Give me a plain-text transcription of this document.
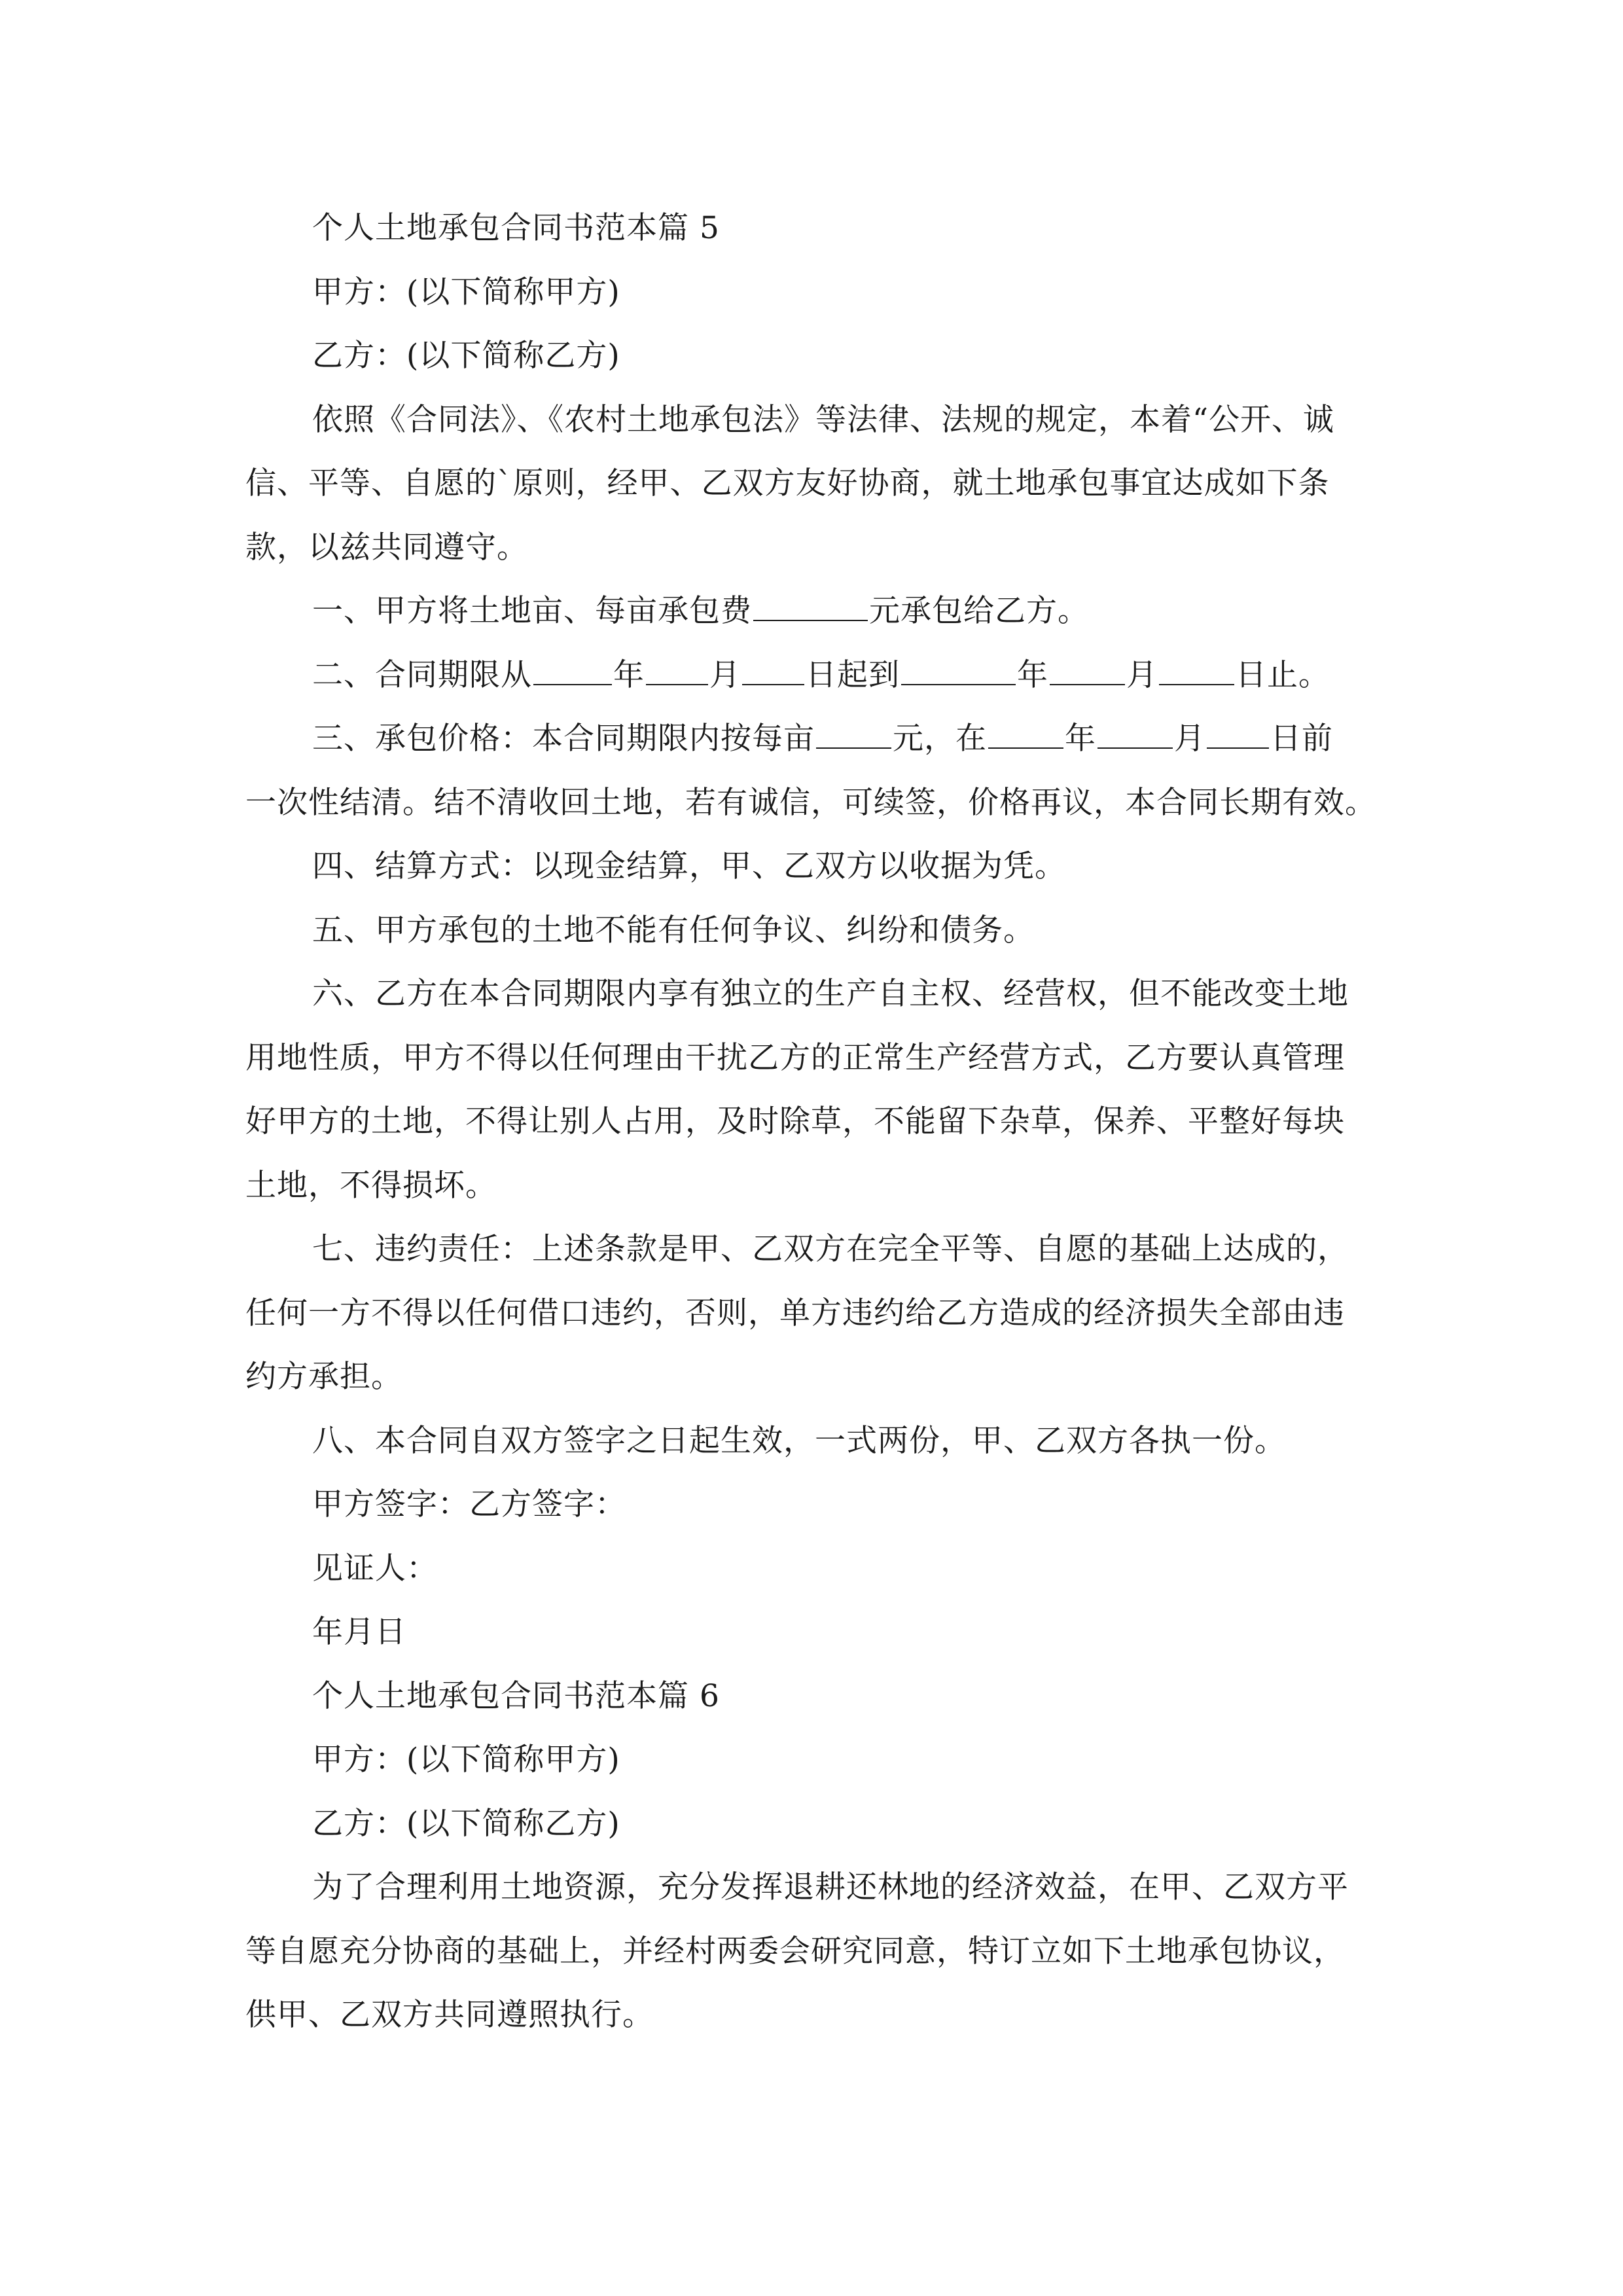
个人土地承包合同书范本篇 5
甲方：(以下简称甲方)
乙方：(以下简称乙方)
依照《合同法》、《农村土地承包法》等法律、法规的规定，本着“公开、诚
信、平等、自愿的`原则，经甲、乙双方友好协商，就土地承包事宜达成如下条
款，以兹共同遵守。
一、甲方将土地亩、每亩承包费	元承包给乙方。
二、合同期限从	年 月 日起到	年	月	日止。
三、承包价格：本合同期限内按每亩	元，在	年	月 日前
一次性结清。结不清收回土地，若有诚信，可续签，价格再议，本合同长期有效。
四、结算方式：以现金结算，甲、乙双方以收据为凭。
五、甲方承包的土地不能有任何争议、纠纷和债务。
六、乙方在本合同期限内享有独立的生产自主权、经营权，但不能改变土地
用地性质，甲方不得以任何理由干扰乙方的正常生产经营方式，乙方要认真管理
好甲方的土地，不得让别人占用，及时除草，不能留下杂草，保养、平整好每块
土地，不得损坏。
七、违约责任：上述条款是甲、乙双方在完全平等、自愿的基础上达成的，
任何一方不得以任何借口违约，否则，单方违约给乙方造成的经济损失全部由违
约方承担。
八、本合同自双方签字之日起生效，一式两份，甲、乙双方各执一份。
甲方签字：乙方签字：
见证人：
年月日
个人土地承包合同书范本篇 6
甲方：(以下简称甲方)
乙方：(以下简称乙方)
为了合理利用土地资源，充分发挥退耕还林地的经济效益，在甲、乙双方平
等自愿充分协商的基础上，并经村两委会研究同意，特订立如下土地承包协议，
供甲、乙双方共同遵照执行。
